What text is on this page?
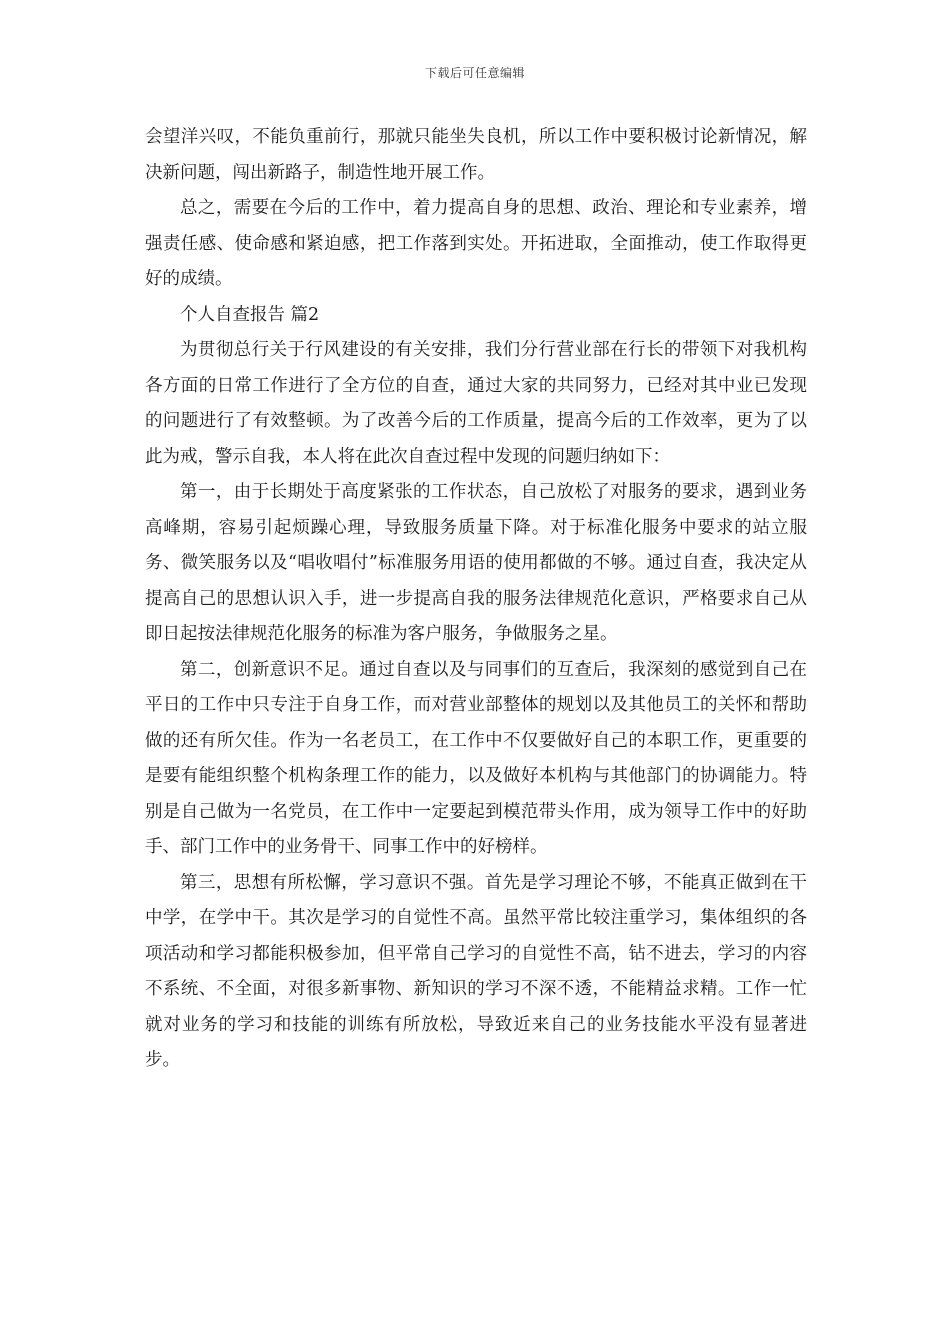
下载后可任意编辑

会望洋兴叹，不能负重前行，那就只能坐失良机，所以工作中要积极讨论新情况，解决新问题，闯出新路子，制造性地开展工作。

总之，需要在今后的工作中，着力提高自身的思想、政治、理论和专业素养，增强责任感、使命感和紧迫感，把工作落到实处。开拓进取，全面推动，使工作取得更好的成绩。

个人自查报告 篇2

为贯彻总行关于行风建设的有关安排，我们分行营业部在行长的带领下对我机构各方面的日常工作进行了全方位的自查，通过大家的共同努力，已经对其中业已发现的问题进行了有效整顿。为了改善今后的工作质量，提高今后的工作效率，更为了以此为戒，警示自我，本人将在此次自查过程中发现的问题归纳如下：

第一，由于长期处于高度紧张的工作状态，自己放松了对服务的要求，遇到业务高峰期，容易引起烦躁心理，导致服务质量下降。对于标准化服务中要求的站立服务、微笑服务以及“唱收唱付”标准服务用语的使用都做的不够。通过自查，我决定从提高自己的思想认识入手，进一步提高自我的服务法律规范化意识，严格要求自己从即日起按法律规范化服务的标准为客户服务，争做服务之星。

第二，创新意识不足。通过自查以及与同事们的互查后，我深刻的感觉到自己在平日的工作中只专注于自身工作，而对营业部整体的规划以及其他员工的关怀和帮助做的还有所欠佳。作为一名老员工，在工作中不仅要做好自己的本职工作，更重要的是要有能组织整个机构条理工作的能力，以及做好本机构与其他部门的协调能力。特别是自己做为一名党员，在工作中一定要起到模范带头作用，成为领导工作中的好助手、部门工作中的业务骨干、同事工作中的好榜样。

第三，思想有所松懈，学习意识不强。首先是学习理论不够，不能真正做到在干中学，在学中干。其次是学习的自觉性不高。虽然平常比较注重学习，集体组织的各项活动和学习都能积极参加，但平常自己学习的自觉性不高，钻不进去，学习的内容不系统、不全面，对很多新事物、新知识的学习不深不透，不能精益求精。工作一忙就对业务的学习和技能的训练有所放松，导致近来自己的业务技能水平没有显著进步。
